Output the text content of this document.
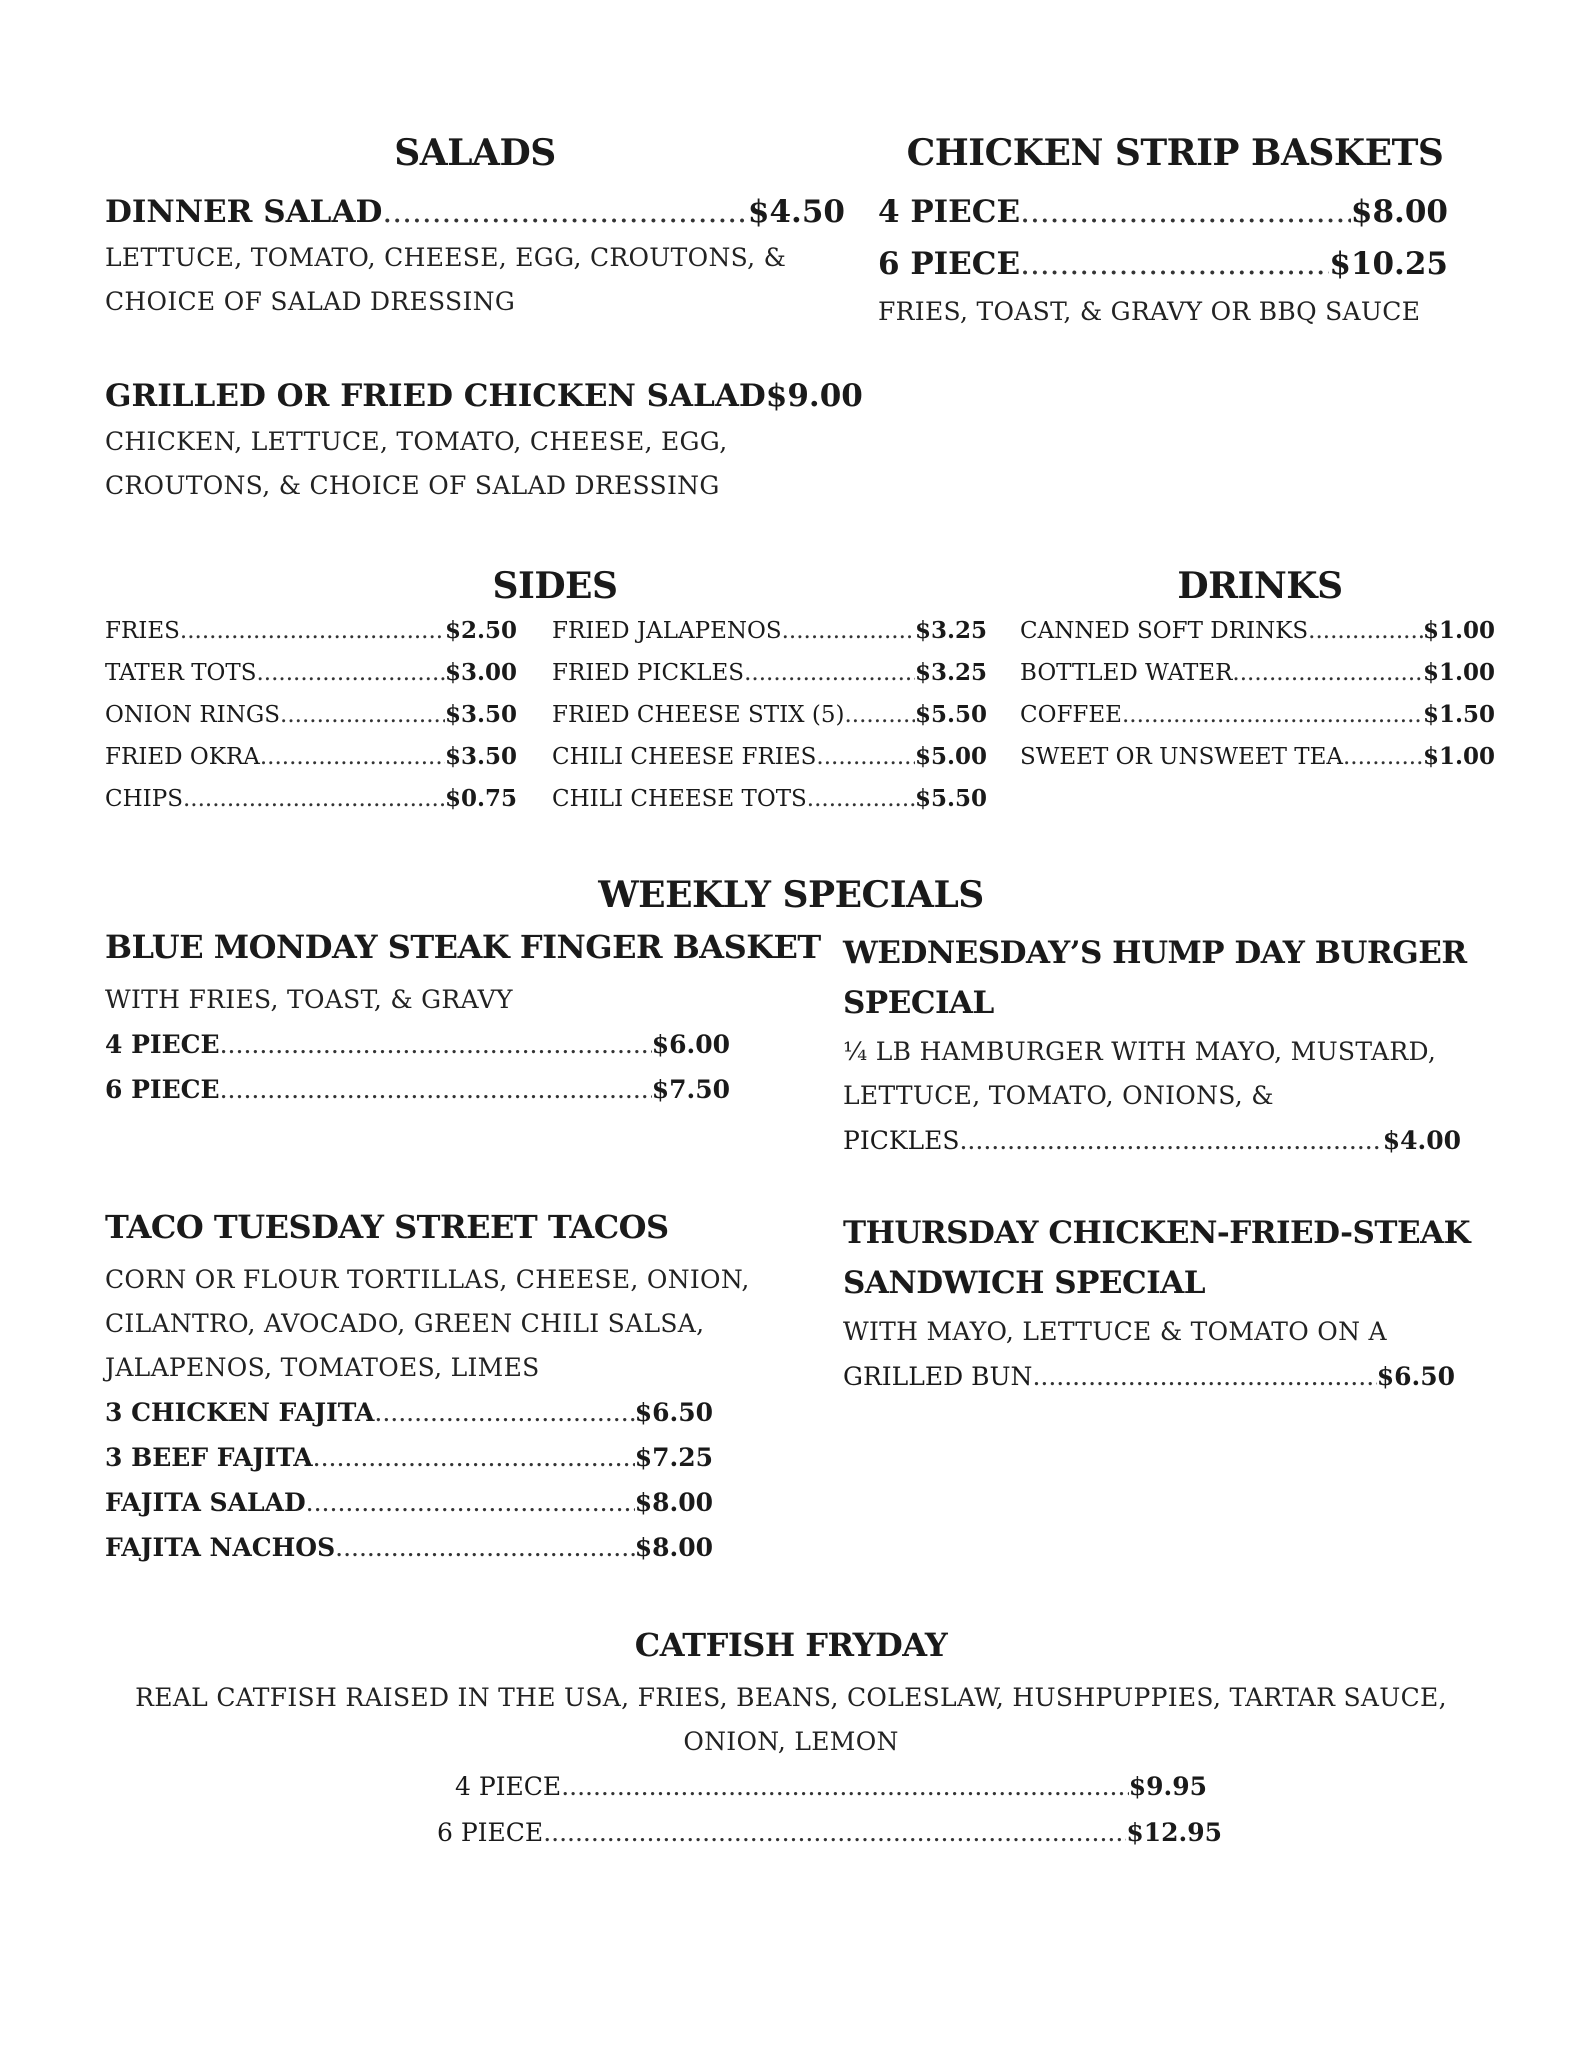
SALADS
DINNER SALAD .....	$4.50
LETTUCE, TOMATO, CHEESE, EGG, CROUTONS, &
CHOICE OF SALAD DRESSING
GRILLED OR FRIED CHICKEN SALAD $9.00
CHICKEN, LETTUCE, TOMATO, CHEESE, EGG,
CROUTONS, & CHOICE OF SALAD DRESSING
CHICKEN STRIP BASKETS
4 PIECE .....	$8.00
6 PIECE .....	$10.25
FRIES, TOAST, & GRAVY OR BBQ SAUCE
SIDES
FRIES .....	$2.50
TATER TOTS .....	$3.00
ONION RINGS .....	$3.50
FRIED OKRA .....	$3.50
CHIPS .....	$0.75
FRIED JALAPENOS .....	$3.25
FRIED PICKLES .....	$3.25
FRIED CHEESE STIX (5) .....	$5.50
CHILI CHEESE FRIES .....	$5.00
CHILI CHEESE TOTS .....	$5.50
DRINKS
CANNED SOFT DRINKS .....	$1.00
BOTTLED WATER .....	$1.00
COFFEE .....	$1.50
SWEET OR UNSWEET TEA .....	$1.00
WEEKLY SPECIALS
BLUE MONDAY STEAK FINGER BASKET
WITH FRIES, TOAST, & GRAVY
4 PIECE .....	$6.00
6 PIECE .....	$7.50
WEDNESDAY’S HUMP DAY BURGER
SPECIAL
¼ LB HAMBURGER WITH MAYO, MUSTARD,
LETTUCE, TOMATO, ONIONS, &
PICKLES .....	$4.00
TACO TUESDAY STREET TACOS
CORN OR FLOUR TORTILLAS, CHEESE, ONION,
CILANTRO, AVOCADO, GREEN CHILI SALSA,
JALAPENOS, TOMATOES, LIMES
3 CHICKEN FAJITA .....	$6.50
3 BEEF FAJITA .....	$7.25
FAJITA SALAD .....	$8.00
FAJITA NACHOS .....	$8.00
THURSDAY CHICKEN-FRIED-STEAK
SANDWICH SPECIAL
WITH MAYO, LETTUCE & TOMATO ON A
GRILLED BUN .....	$6.50
CATFISH FRYDAY
REAL CATFISH RAISED IN THE USA, FRIES, BEANS, COLESLAW, HUSHPUPPIES, TARTAR SAUCE,
ONION, LEMON
4 PIECE .....	$9.95
6 PIECE .....	$12.95
